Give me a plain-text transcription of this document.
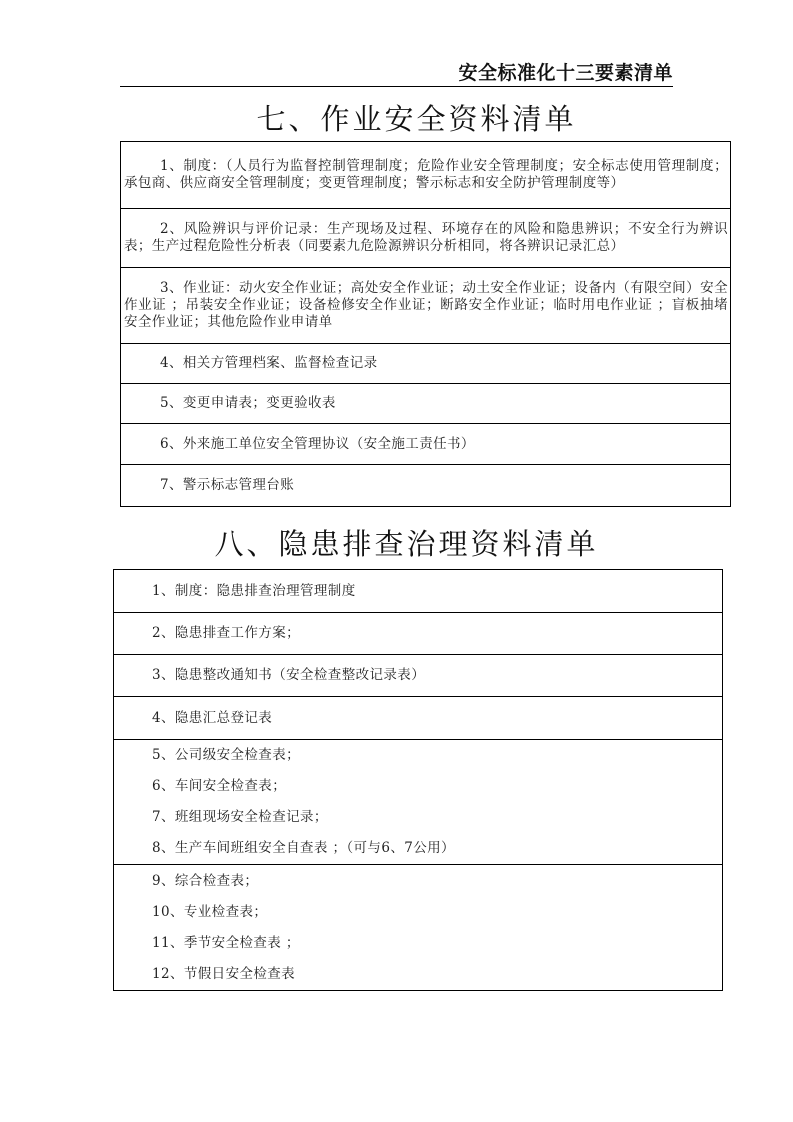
安全标准化十三要素清单
七、作业安全资料清单
1、制度：（人员行为监督控制管理制度；危险作业安全管理制度；安全标志使用管理制度；承包商、供应商安全管理制度；变更管理制度；警示标志和安全防护管理制度等）

2、风险辨识与评价记录：生产现场及过程、环境存在的风险和隐患辨识；不安全行为辨识表；生产过程危险性分析表（同要素九危险源辨识分析相同，将各辨识记录汇总）

3、作业证：动火安全作业证；高处安全作业证；动土安全作业证；设备内（有限空间）安全作业证 ；吊装安全作业证；设备检修安全作业证；断路安全作业证；临时用电作业证 ；盲板抽堵安全作业证；其他危险作业申请单

4、相关方管理档案、监督检查记录

5、变更申请表；变更验收表

6、外来施工单位安全管理协议（安全施工责任书）

7、警示标志管理台账
八、隐患排查治理资料清单
1、制度：隐患排查治理管理制度

2、隐患排查工作方案；

3、隐患整改通知书（安全检查整改记录表）

4、隐患汇总登记表

5、公司级安全检查表；
6、车间安全检查表；
7、班组现场安全检查记录；
8、生产车间班组安全自查表 ；（可与6、7公用）

9、综合检查表；
10、专业检查表；
11、季节安全检查表 ；
12、节假日安全检查表
